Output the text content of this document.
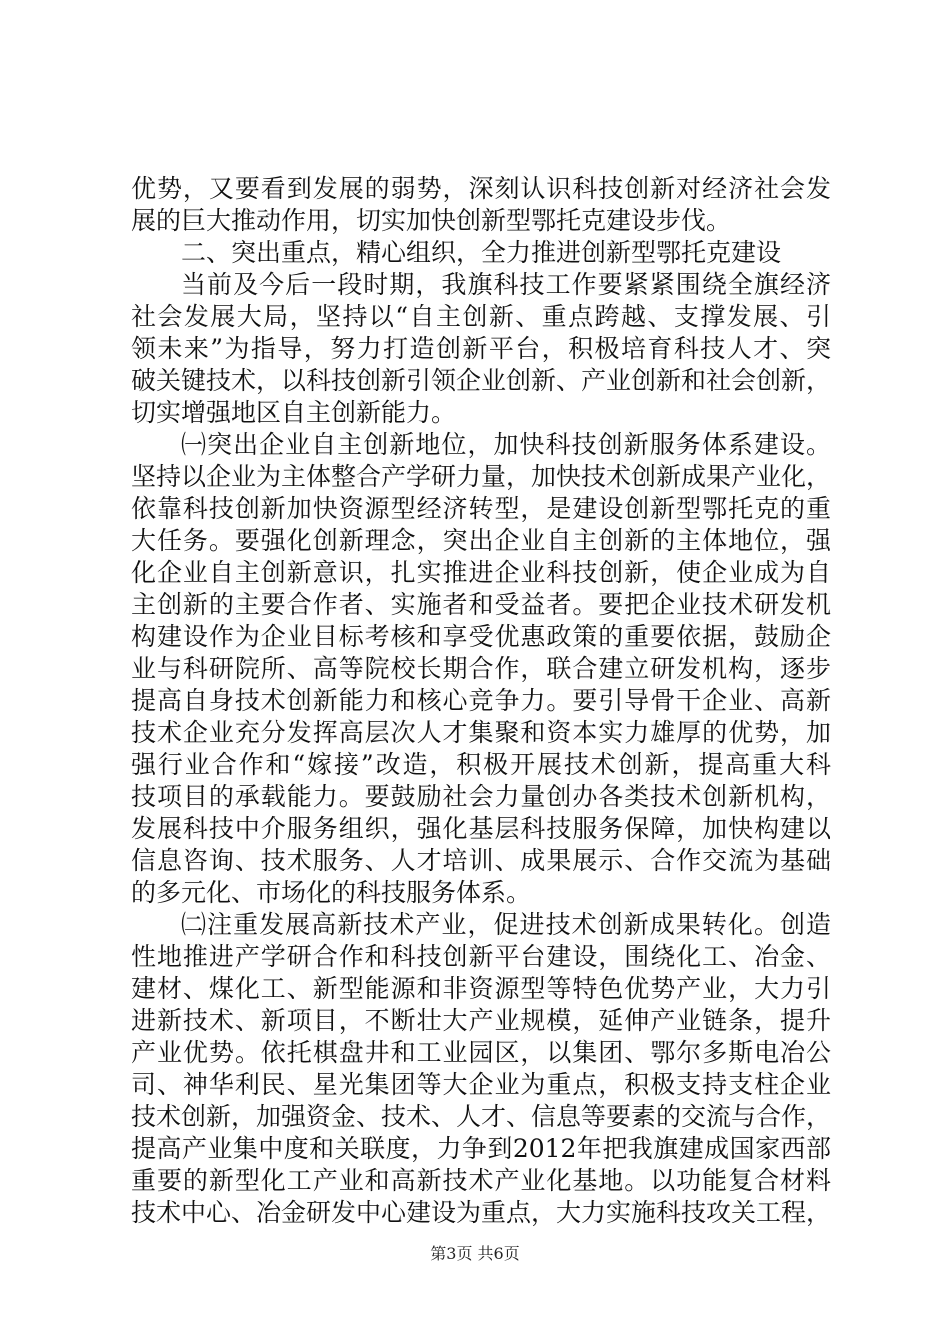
优势，又要看到发展的弱势，深刻认识科技创新对经济社会发
展的巨大推动作用，切实加快创新型鄂托克建设步伐。
二、突出重点，精心组织，全力推进创新型鄂托克建设
当前及今后一段时期，我旗科技工作要紧紧围绕全旗经济
社会发展大局，坚持以“自主创新、重点跨越、支撑发展、引
领未来”为指导，努力打造创新平台，积极培育科技人才、突
破关键技术，以科技创新引领企业创新、产业创新和社会创新，
切实增强地区自主创新能力。
㈠突出企业自主创新地位，加快科技创新服务体系建设。
坚持以企业为主体整合产学研力量，加快技术创新成果产业化，
依靠科技创新加快资源型经济转型，是建设创新型鄂托克的重
大任务。要强化创新理念，突出企业自主创新的主体地位，强
化企业自主创新意识，扎实推进企业科技创新，使企业成为自
主创新的主要合作者、实施者和受益者。要把企业技术研发机
构建设作为企业目标考核和享受优惠政策的重要依据，鼓励企
业与科研院所、高等院校长期合作，联合建立研发机构，逐步
提高自身技术创新能力和核心竞争力。要引导骨干企业、高新
技术企业充分发挥高层次人才集聚和资本实力雄厚的优势，加
强行业合作和“嫁接”改造，积极开展技术创新，提高重大科
技项目的承载能力。要鼓励社会力量创办各类技术创新机构，
发展科技中介服务组织，强化基层科技服务保障，加快构建以
信息咨询、技术服务、人才培训、成果展示、合作交流为基础
的多元化、市场化的科技服务体系。
㈡注重发展高新技术产业，促进技术创新成果转化。创造
性地推进产学研合作和科技创新平台建设，围绕化工、冶金、
建材、煤化工、新型能源和非资源型等特色优势产业，大力引
进新技术、新项目，不断壮大产业规模，延伸产业链条，提升
产业优势。依托棋盘井和工业园区，以集团、鄂尔多斯电冶公
司、神华利民、星光集团等大企业为重点，积极支持支柱企业
技术创新，加强资金、技术、人才、信息等要素的交流与合作，
提高产业集中度和关联度，力争到2012年把我旗建成国家西部
重要的新型化工产业和高新技术产业化基地。以功能复合材料
技术中心、冶金研发中心建设为重点，大力实施科技攻关工程，
第3页 共6页
